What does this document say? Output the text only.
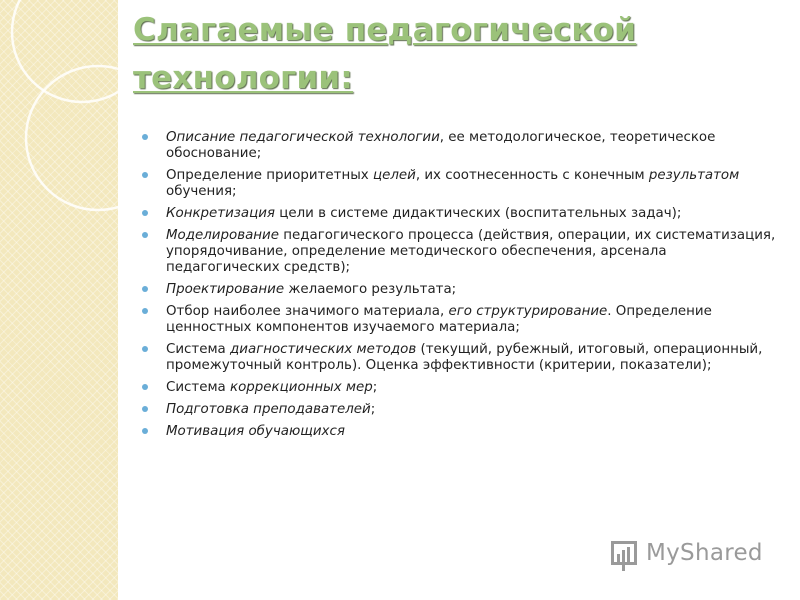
Слагаемые педагогической
технологии:
Описание педагогической технологии, ее методологическое, теоретическое обоснование;
Определение приоритетных целей, их соотнесенность с конечным результатом обучения;
Конкретизация цели в системе дидактических (воспитательных задач);
Моделирование педагогического процесса (действия, операции, их систематизация, упорядочивание, определение методического обеспечения, арсенала педагогических средств);
Проектирование желаемого результата;
Отбор наиболее значимого материала, его структурирование. Определение ценностных компонентов изучаемого материала;
Система диагностических методов (текущий, рубежный, итоговый, операционный, промежуточный контроль). Оценка эффективности (критерии, показатели);
Система коррекционных мер;
Подготовка преподавателей;
Мотивация обучающихся
MyShared
